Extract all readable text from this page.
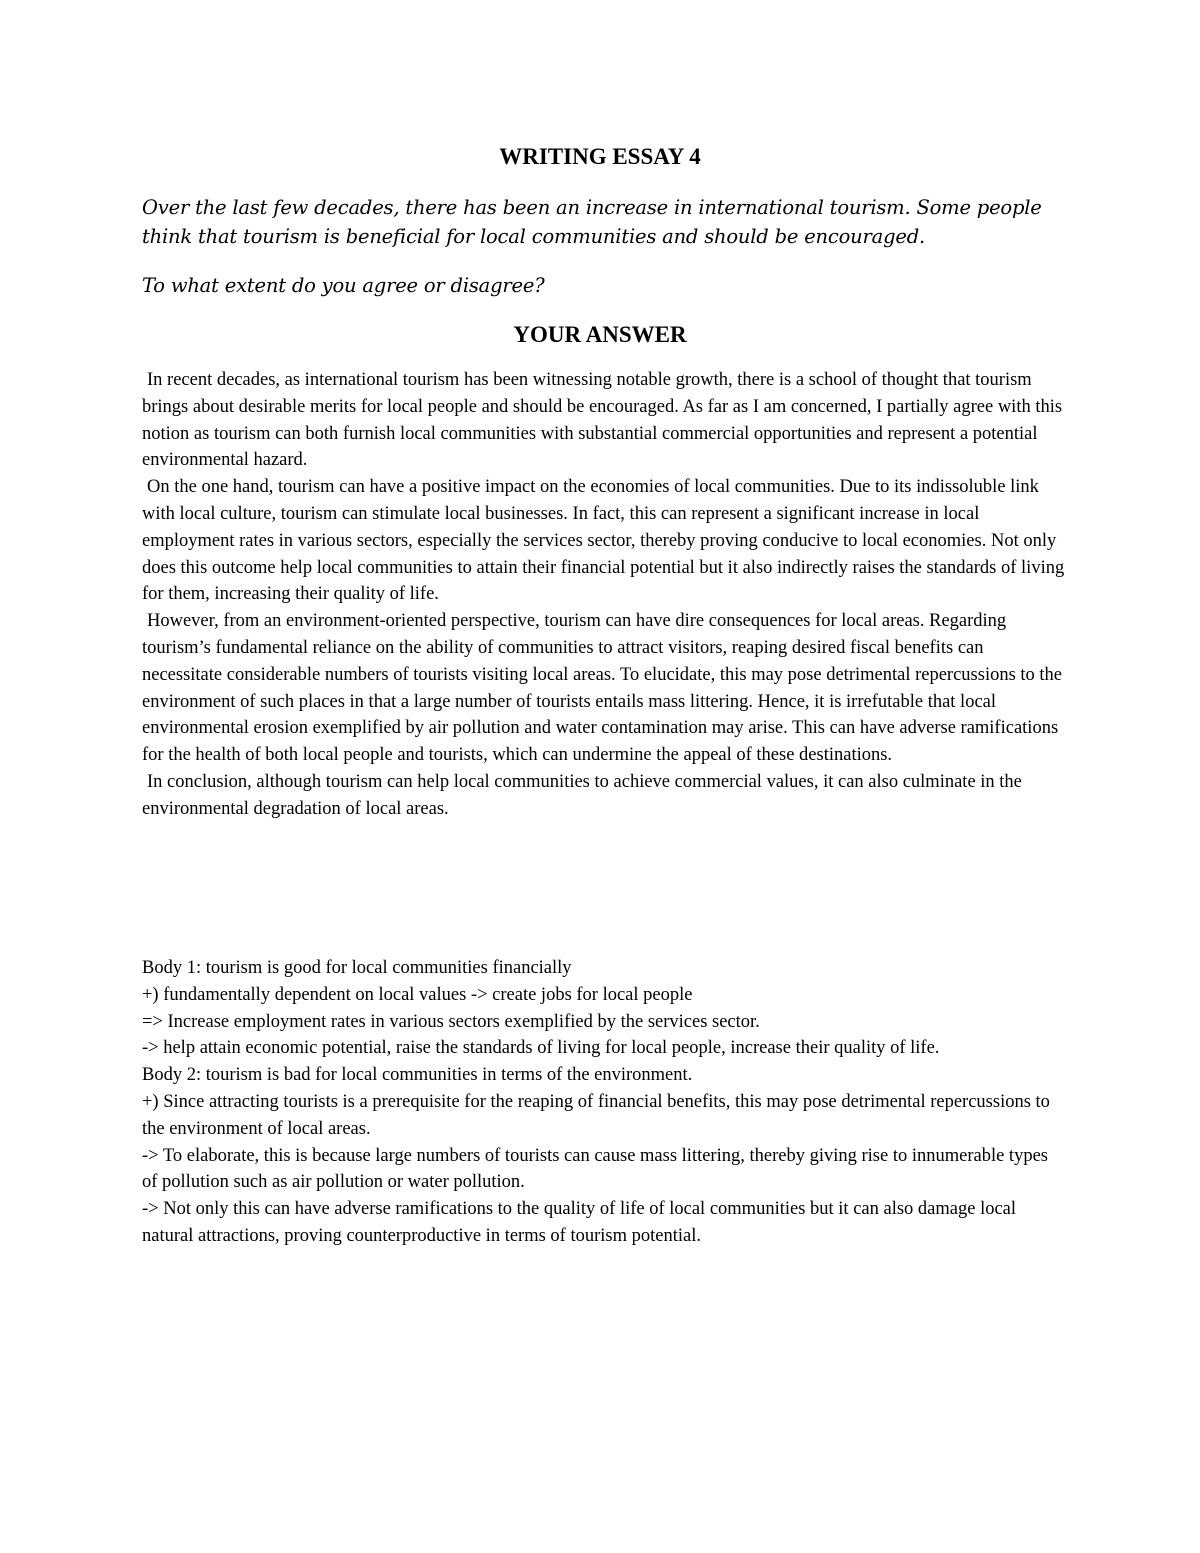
WRITING ESSAY 4

Over the last few decades, there has been an increase in international tourism. Some people think that tourism is beneficial for local communities and should be encouraged.

To what extent do you agree or disagree?

YOUR ANSWER

In recent decades, as international tourism has been witnessing notable growth, there is a school of thought that tourism brings about desirable merits for local people and should be encouraged. As far as I am concerned, I partially agree with this notion as tourism can both furnish local communities with substantial commercial opportunities and represent a potential environmental hazard.

On the one hand, tourism can have a positive impact on the economies of local communities. Due to its indissoluble link with local culture, tourism can stimulate local businesses. In fact, this can represent a significant increase in local employment rates in various sectors, especially the services sector, thereby proving conducive to local economies. Not only does this outcome help local communities to attain their financial potential but it also indirectly raises the standards of living for them, increasing their quality of life.

However, from an environment-oriented perspective, tourism can have dire consequences for local areas. Regarding tourism’s fundamental reliance on the ability of communities to attract visitors, reaping desired fiscal benefits can necessitate considerable numbers of tourists visiting local areas. To elucidate, this may pose detrimental repercussions to the environment of such places in that a large number of tourists entails mass littering. Hence, it is irrefutable that local environmental erosion exemplified by air pollution and water contamination may arise. This can have adverse ramifications for the health of both local people and tourists, which can undermine the appeal of these destinations.

In conclusion, although tourism can help local communities to achieve commercial values, it can also culminate in the environmental degradation of local areas.

Body 1: tourism is good for local communities financially

+) fundamentally dependent on local values -> create jobs for local people

=> Increase employment rates in various sectors exemplified by the services sector.

-> help attain economic potential, raise the standards of living for local people, increase their quality of life.

Body 2: tourism is bad for local communities in terms of the environment.

+) Since attracting tourists is a prerequisite for the reaping of financial benefits, this may pose detrimental repercussions to the environment of local areas.

-> To elaborate, this is because large numbers of tourists can cause mass littering, thereby giving rise to innumerable types of pollution such as air pollution or water pollution.

-> Not only this can have adverse ramifications to the quality of life of local communities but it can also damage local natural attractions, proving counterproductive in terms of tourism potential.
